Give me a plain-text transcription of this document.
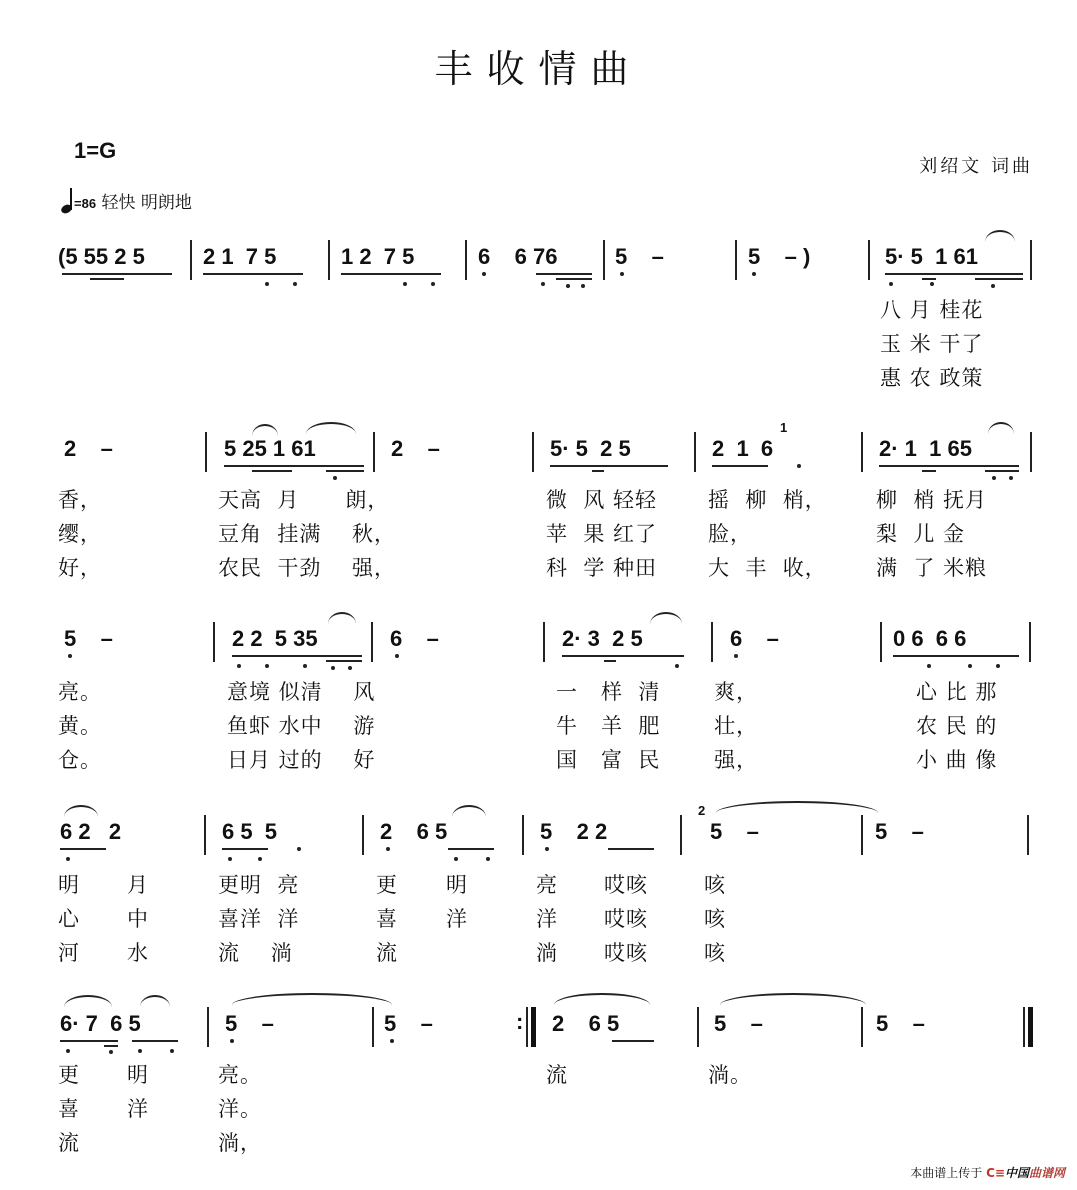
丰收情曲
1=G
=86 轻快 明朗地
刘绍文 词曲
(5 55 2 5	2 1  7 5	1 2  7 5	6    6 76	5    –	5    – )	5· 5  1 61
八 月 桂花
玉 米 干了
惠 农 政策
2    –	5 25 1 61	2    –	5· 5  2 5	2  1  6
1
2· 1  1 65
香，	天高  月      朗，	微  风 轻轻 摇  柳  梢， 柳  梢 抚月
缨，	豆角  挂满    秋，	苹  果 红了 脸，	梨  儿 金
好，	农民  干劲    强，	科  学 种田 大  丰  收， 满  了 米粮
5    –	2 2  5 35	6    –	2· 3  2 5	6    –	0 6  6 6
亮。	意境 似清    风	一   样  清       爽，	心 比 那
黄。	鱼虾 水中    游	牛   羊  肥       壮，	农 民 的
仓。	日月 过的    好	国   富  民       强，	小 曲 像
6 2   2	6 5  5	2    6 5	5    2 2
2
5    –	5    –
明 月	更明  亮	更 明	亮 哎咳	咳
心 中	喜洋  洋	喜 洋	洋 哎咳	咳
河 水	流    淌	流	淌 哎咳	咳
6· 7  6 5	5    –	5    –	: 2    6 5	5    –	5    –
更 明	亮。	流	淌。
喜 洋	洋。
流	淌，
本曲谱上传于 C≡中国曲谱网
